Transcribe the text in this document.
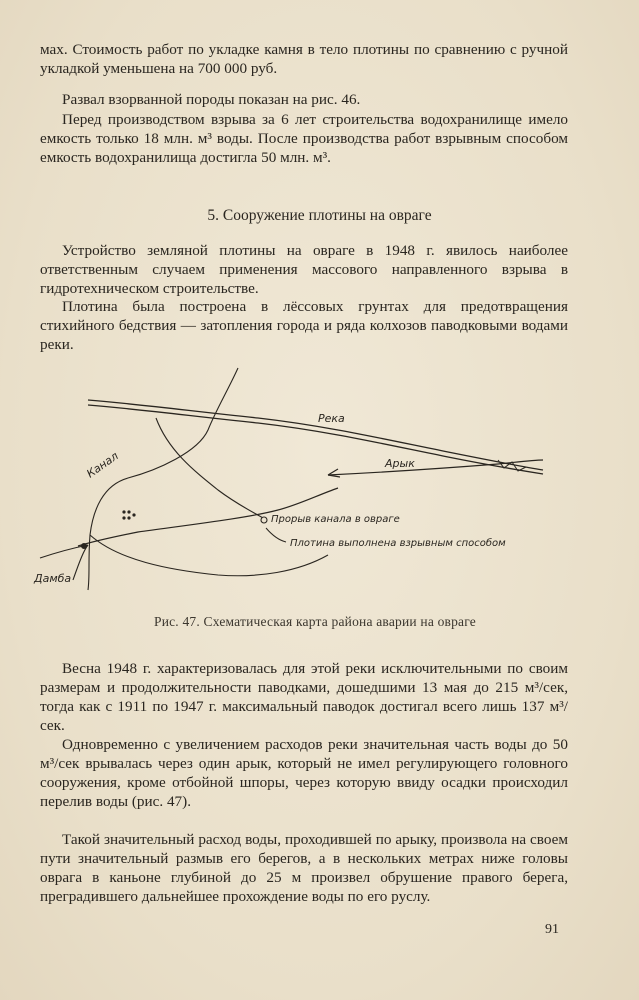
мах. Стоимость работ по укладке камня в тело плотины по сравнению с ручной укладкой уменьшена на 700 000 руб.

Развал взорванной породы показан на рис. 46.

Перед производством взрыва за 6 лет строительства водохранилище имело емкость только 18 млн. м³ воды. После производства работ взрывным способом емкость водохранилища достигла 50 млн. м³.

5. Сооружение плотины на овраге

Устройство земляной плотины на овраге в 1948 г. явилось наиболее ответственным случаем применения массового направленного взрыва в гидротехническом строительстве.

Плотина была построена в лёссовых грунтах для предотвращения стихийного бедствия — затопления города и ряда колхозов паводковыми водами реки.

Река
Арык
Канал
Дамба
Прорыв канала в овраге
Плотина выполнена взрывным способом
Рис. 47. Схематическая карта района аварии на овраге

Весна 1948 г. характеризовалась для этой реки исключительными по своим размерам и продолжительности паводками, дошедшими 13 мая до 215 м³/сек, тогда как с 1911 по 1947 г. максимальный паводок достигал всего лишь 137 м³/сек.

Одновременно с увеличением расходов реки значительная часть воды до 50 м³/сек врывалась через один арык, который не имел регулирующего головного сооружения, кроме отбойной шпоры, через которую ввиду осадки происходил перелив воды (рис. 47).

Такой значительный расход воды, проходившей по арыку, произвола на своем пути значительный размыв его берегов, а в нескольких метрах ниже головы оврага в каньоне глубиной до 25 м произвел обрушение правого берега, преградившего дальнейшее прохождение воды по его руслу.

91
